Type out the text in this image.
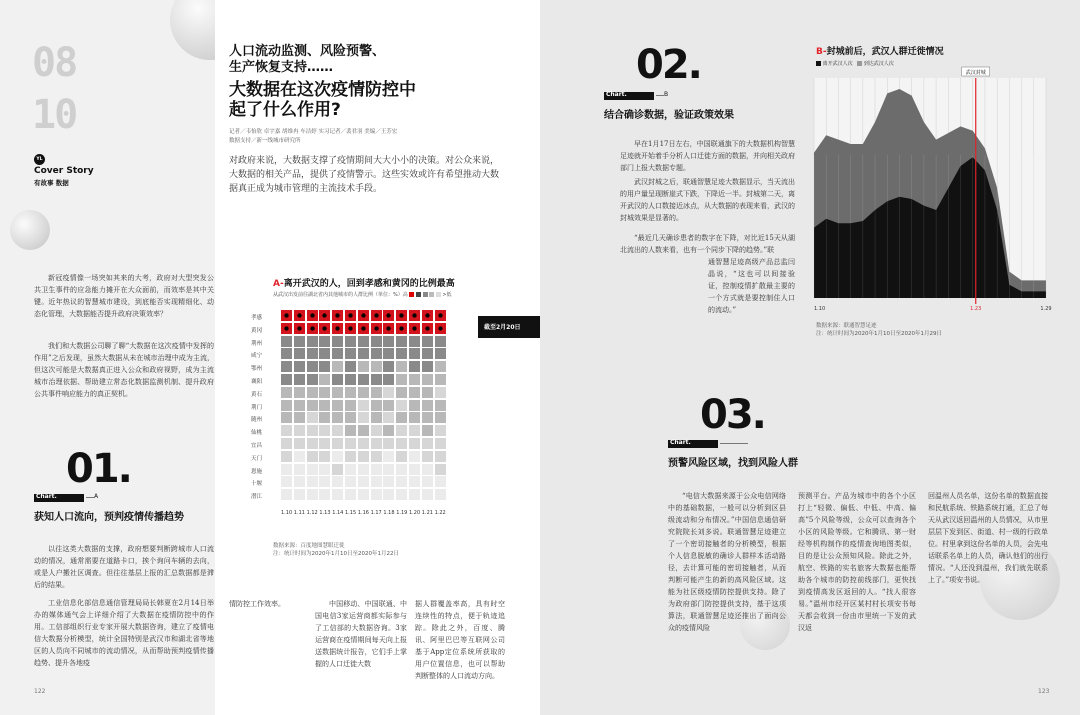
08
10
YL
Cover Story
有故事 数据
新冠疫情像一场突如其来的大考，政府对大型突发公共卫生事件的应急能力摊开在大众面前，而效率是其中关键。近年热议的智慧城市建设，到底能否实现精细化、动态化管理，大数据能否提升政府决策效率？
我们和大数据公司聊了聊“大数据在这次疫情中发挥的作用”之后发现，虽然大数据从未在城市治理中成为主流，但这次可能是大数据真正进入公众和政府视野，成为主流城市治理依据、帮助建立常态化数据监测机制、提升政府公共事件响应能力的真正契机。
01.
Chart.	A
获知人口流向，预判疫情传播趋势
以往这类大数据的支撑，政府想要判断跨城市人口流动的情况，通常需要在道路卡口，挨个询问车辆的去向，或是人户搬社区调查。但往往基层上报的汇总数据都是滞后的结果。
工业信息化部信息通信管理局局长韩夏在2月14日举办的媒体通气会上详细介绍了大数据在疫情防控中的作用。工信部组织行业专家开展大数据咨询，建立了疫情电信大数据分析模型，统计全国特别是武汉市和湖北省等地区的人员向不同城市的流动情况，从而帮助预判疫情传播趋势、提升各地疫
122
人口流动监测、风险预警、
生产恢复支持……
大数据在这次疫情防控中
起了什么作用?
记者／韦怡欣 卓宇嘉 胡维冉 车洁婷 实习记者／裴君羽 美编／王芳宏
数据支持／新一线城市研究所
对政府来说，大数据支撑了疫情期间大大小小的决策。对公众来说，大数据的相关产品，提供了疫情警示。这些实效或许有希望推动大数据真正成为城市管理的主流技术手段。
A-离开武汉的人，回到孝感和黄冈的比例最高
从武汉出发前往湖北省内其他城市的人群比例（单位：%）高	>低
孝感
黄冈
荆州
咸宁
鄂州
襄阳
黄石
荆门
随州
仙桃
宜昌
天门
恩施
十堰
潜江
1.10 1.11 1.12 1.13 1.14 1.15 1.16 1.17 1.18 1.19 1.20 1.21 1.22
数据来源：百度地图慧眼迁徙
注：统计时间为2020年1月10日至2020年1月22日
情防控工作效率。	中国移动、中国联通、中国电信3家运营商都实际参与了工信部的大数据咨询。3家运营商在疫情期间每天向上报送数据统计报告，它们手上掌握的人口迁徙大数
据人群覆盖率高，具有时空连续性的特点，便于轨迹追踪。除此之外，百度、腾讯、阿里巴巴等互联网公司基于App定位系统所获取的用户位置信息，也可以帮助判断整体的人口流动方向。
截至2月20日
02.
Chart.	B
结合确诊数据，验证政策效果
早在1月17日左右，中国联通旗下的大数据机构智慧足迹就开始着手分析人口迁徙方面的数据，并向相关政府部门上报大数据专题。
武汉封城之后，联通智慧足迹大数据显示，当天流出的用户量呈现断崖式下跌，下降近一半。封城第二天，离开武汉的人口数接近冰点，从大数据的表现来看，武汉的封城效果是显著的。
“最近几天确诊患者的数字在下降，对比近15天从湖北流出的人数来看，也有一个同步下降的趋势。”联
通智慧足迹高级产品总监闫晶说，“这也可以间接验证，控制疫情扩散最主要的一个方式就是要控制住人口的流动。”
B-封城前后，武汉人群迁徙情况
离开武汉人次 到达武汉人次
武汉封城
1.10	1.23	1.29
数据来源：联通智慧足迹
注：统计时间为2020年1月10日至2020年1月29日
03.
Chart.
预警风险区域，找到风险人群
“电信大数据来源于公众电信网络中的基础数据，一般可以分析到区县级流动和分布情况。”中国信息通信研究院院长刘多说。联通智慧足迹建立了一个密切接触者的分析模型，根据个人信息脱敏的确诊人群样本活动路径，去计算可能的密切接触者，从而判断可能产生的新的高风险区域。这能为社区级疫情防控提供支持。除了为政府部门防控提供支持，基于这项算法，联通智慧足迹还推出了面向公众的疫情风险
预测平台。产品为城市中的各个小区打上“轻微、偏低、中低、中高、偏高”5个风险等级，公众可以查询各个小区的风险等级。它和腾讯、第一财经等机构制作的疫情查询地图类似，目的是让公众预知风险。除此之外，航空、铁路的实名旅客大数据也能帮助各个城市的防控前线部门，更快找到疫情高发区返回的人。“找人很容易。”温州市经开区某村村长项安书每天都会收到一份由市里统一下发的武汉返
回温州人员名单，这份名单的数据直接和民航系统、铁路系统打通，汇总了每天从武汉返回温州的人员情况，从市里层层下发到区、街道、村一级的行政单位。村里拿到这份名单的人员，会先电话联系名单上的人员，确认他们的出行情况。“人还没到温州，我们就先联系上了。”项安书说。
123
